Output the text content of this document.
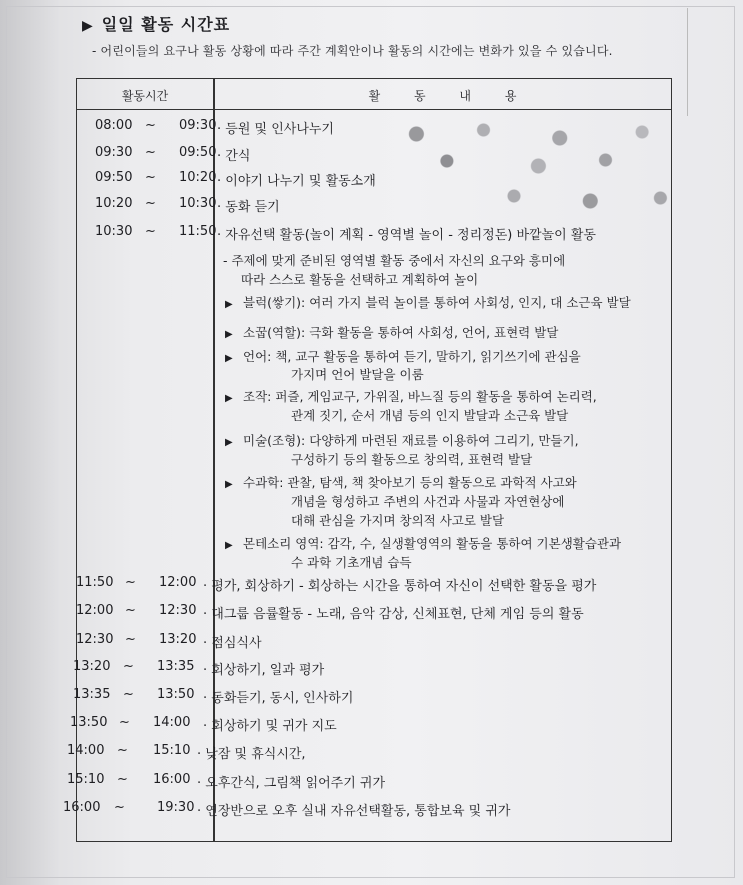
▶ 일일 활동 시간표
- 어린이들의 요구나 활동 상황에 따라 주간 계획안이나 활동의 시간에는 변화가 있을 수 있습니다.
활동시간	활 동 내 용
08:00 ~ 09:30 · 등원 및 인사나누기
09:30 ~ 09:50 · 간식
09:50 ~ 10:20 · 이야기 나누기 및 활동소개
10:20 ~ 10:30 · 동화 듣기
10:30 ~ 11:50 · 자유선택 활동(놀이 계획 - 영역별 놀이 - 정리정돈) 바깥놀이 활동
11:50 ~ 12:00 · 평가, 회상하기 - 회상하는 시간을 통하여 자신이 선택한 활동을 평가
12:00 ~ 12:30 · 대그룹 음률활동 - 노래, 음악 감상, 신체표현, 단체 게임 등의 활동
12:30 ~ 13:20 · 점심식사
13:20 ~ 13:35 · 회상하기, 일과 평가
13:35 ~ 13:50 · 동화듣기, 동시, 인사하기
13:50 ~ 14:00 · 회상하기 및 귀가 지도
14:00 ~ 15:10 · 낮잠 및 휴식시간,
15:10 ~ 16:00 · 오후간식, 그림책 읽어주기 귀가
16:00 ~ 19:30 · 연장반으로 오후 실내 자유선택활동, 통합보육 및 귀가
- 주제에 맞게 준비된 영역별 활동 중에서 자신의 요구와 흥미에
따라 스스로 활동을 선택하고 계획하여 놀이
▶ 블럭(쌓기): 여러 가지 블럭 놀이를 통하여 사회성, 인지, 대 소근육 발달
▶ 소꿉(역할): 극화 활동을 통하여 사회성, 언어, 표현력 발달
▶ 언어: 책, 교구 활동을 통하여 듣기, 말하기, 읽기쓰기에 관심을
가지며 언어 발달을 이룸
▶ 조작: 퍼즐, 게임교구, 가위질, 바느질 등의 활동을 통하여 논리력,
관계 짓기, 순서 개념 등의 인지 발달과 소근육 발달
▶ 미술(조형): 다양하게 마련된 재료를 이용하여 그리기, 만들기,
구성하기 등의 활동으로 창의력, 표현력 발달
▶ 수과학: 관찰, 탐색, 책 찾아보기 등의 활동으로 과학적 사고와
개념을 형성하고 주변의 사건과 사물과 자연현상에
대해 관심을 가지며 창의적 사고로 발달
▶ 몬테소리 영역: 감각, 수, 실생활영역의 활동을 통하여 기본생활습관과
수 과학 기초개념 습득
